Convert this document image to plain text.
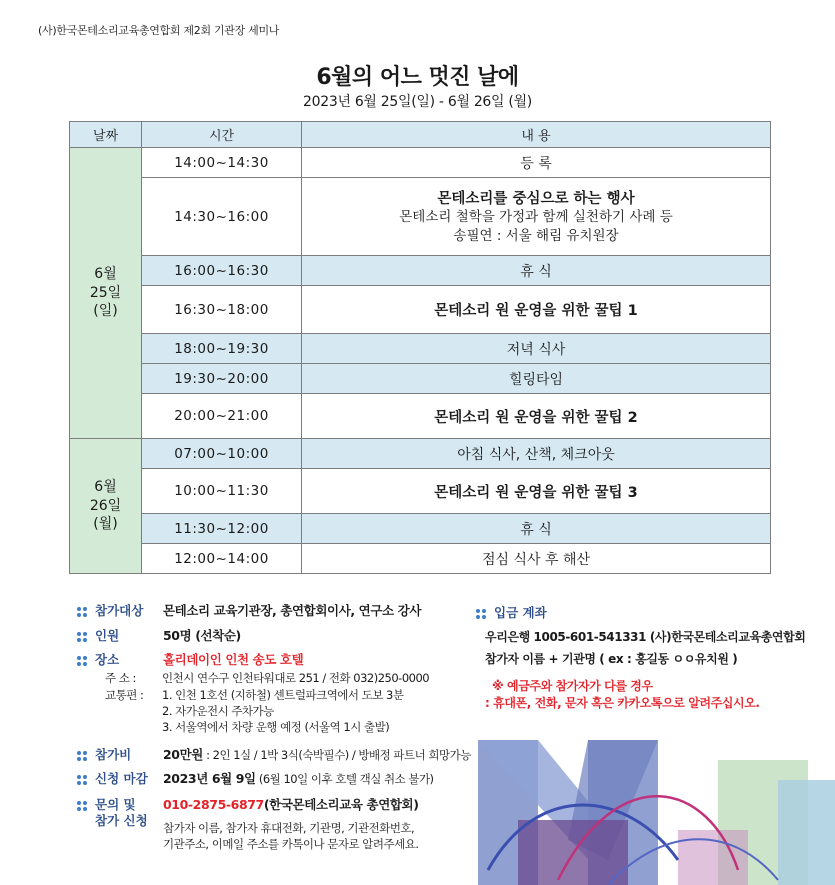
(사)한국몬테소리교육총연합회 제2회 기관장 세미나
6월의 어느 멋진 날에
2023년 6월 25일(일) - 6월 26일 (월)
날짜	시간	내 용

6월
25일
(일)	14:00~14:30	등 록
	14:30~16:00	몬테소리를 중심으로 하는 행사
몬테소리 철학을 가정과 함께 실천하기 사례 등
송필연 : 서울 해림 유치원장

	16:00~16:30	휴 식
	16:30~18:00	몬테소리 원 운영을 위한 꿀팁 1
	18:00~19:30	저녁 식사
	19:30~20:00	힐링타임
	20:00~21:00	몬테소리 원 운영을 위한 꿀팁 2

6월
26일
(월)	07:00~10:00	아침 식사, 산책, 체크아웃
	10:00~11:30	몬테소리 원 운영을 위한 꿀팁 3
	11:30~12:00	휴 식
	12:00~14:00	점심 식사 후 해산
참가대상 몬테소리 교육기관장, 총연합회이사, 연구소 강사
인원	50명 (선착순)
장소	홀리데이인 인천 송도 호텔
주 소 : 인천시 연수구 인천타워대로 251 / 전화 032)250-0000
교통편 : 1. 인천 1호선 (지하철) 센트럴파크역에서 도보 3분
2. 자가운전시 주차가능
3. 서울역에서 차량 운행 예정 (서울역 1시 출발)
참가비	20만원 : 2인 1실 / 1박 3식(숙박필수) / 방배정 파트너 희망가능
신청 마감 2023년 6월 9일 (6월 10일 이후 호텔 객실 취소 불가)
문의 및
참가 신청
010-2875-6877(한국몬테소리교육 총연합회)
참가자 이름, 참가자 휴대전화, 기관명, 기관전화번호,
기관주소, 이메일 주소를 카톡이나 문자로 알려주세요.
입금 계좌
우리은행 1005-601-541331 (사)한국몬테소리교육총연합회
참가자 이름 + 기관명 ( ex : 홍길동 ㅇㅇ유치원 )
※ 예금주와 참가자가 다를 경우
: 휴대폰, 전화, 문자 혹은 카카오톡으로 알려주십시오.
